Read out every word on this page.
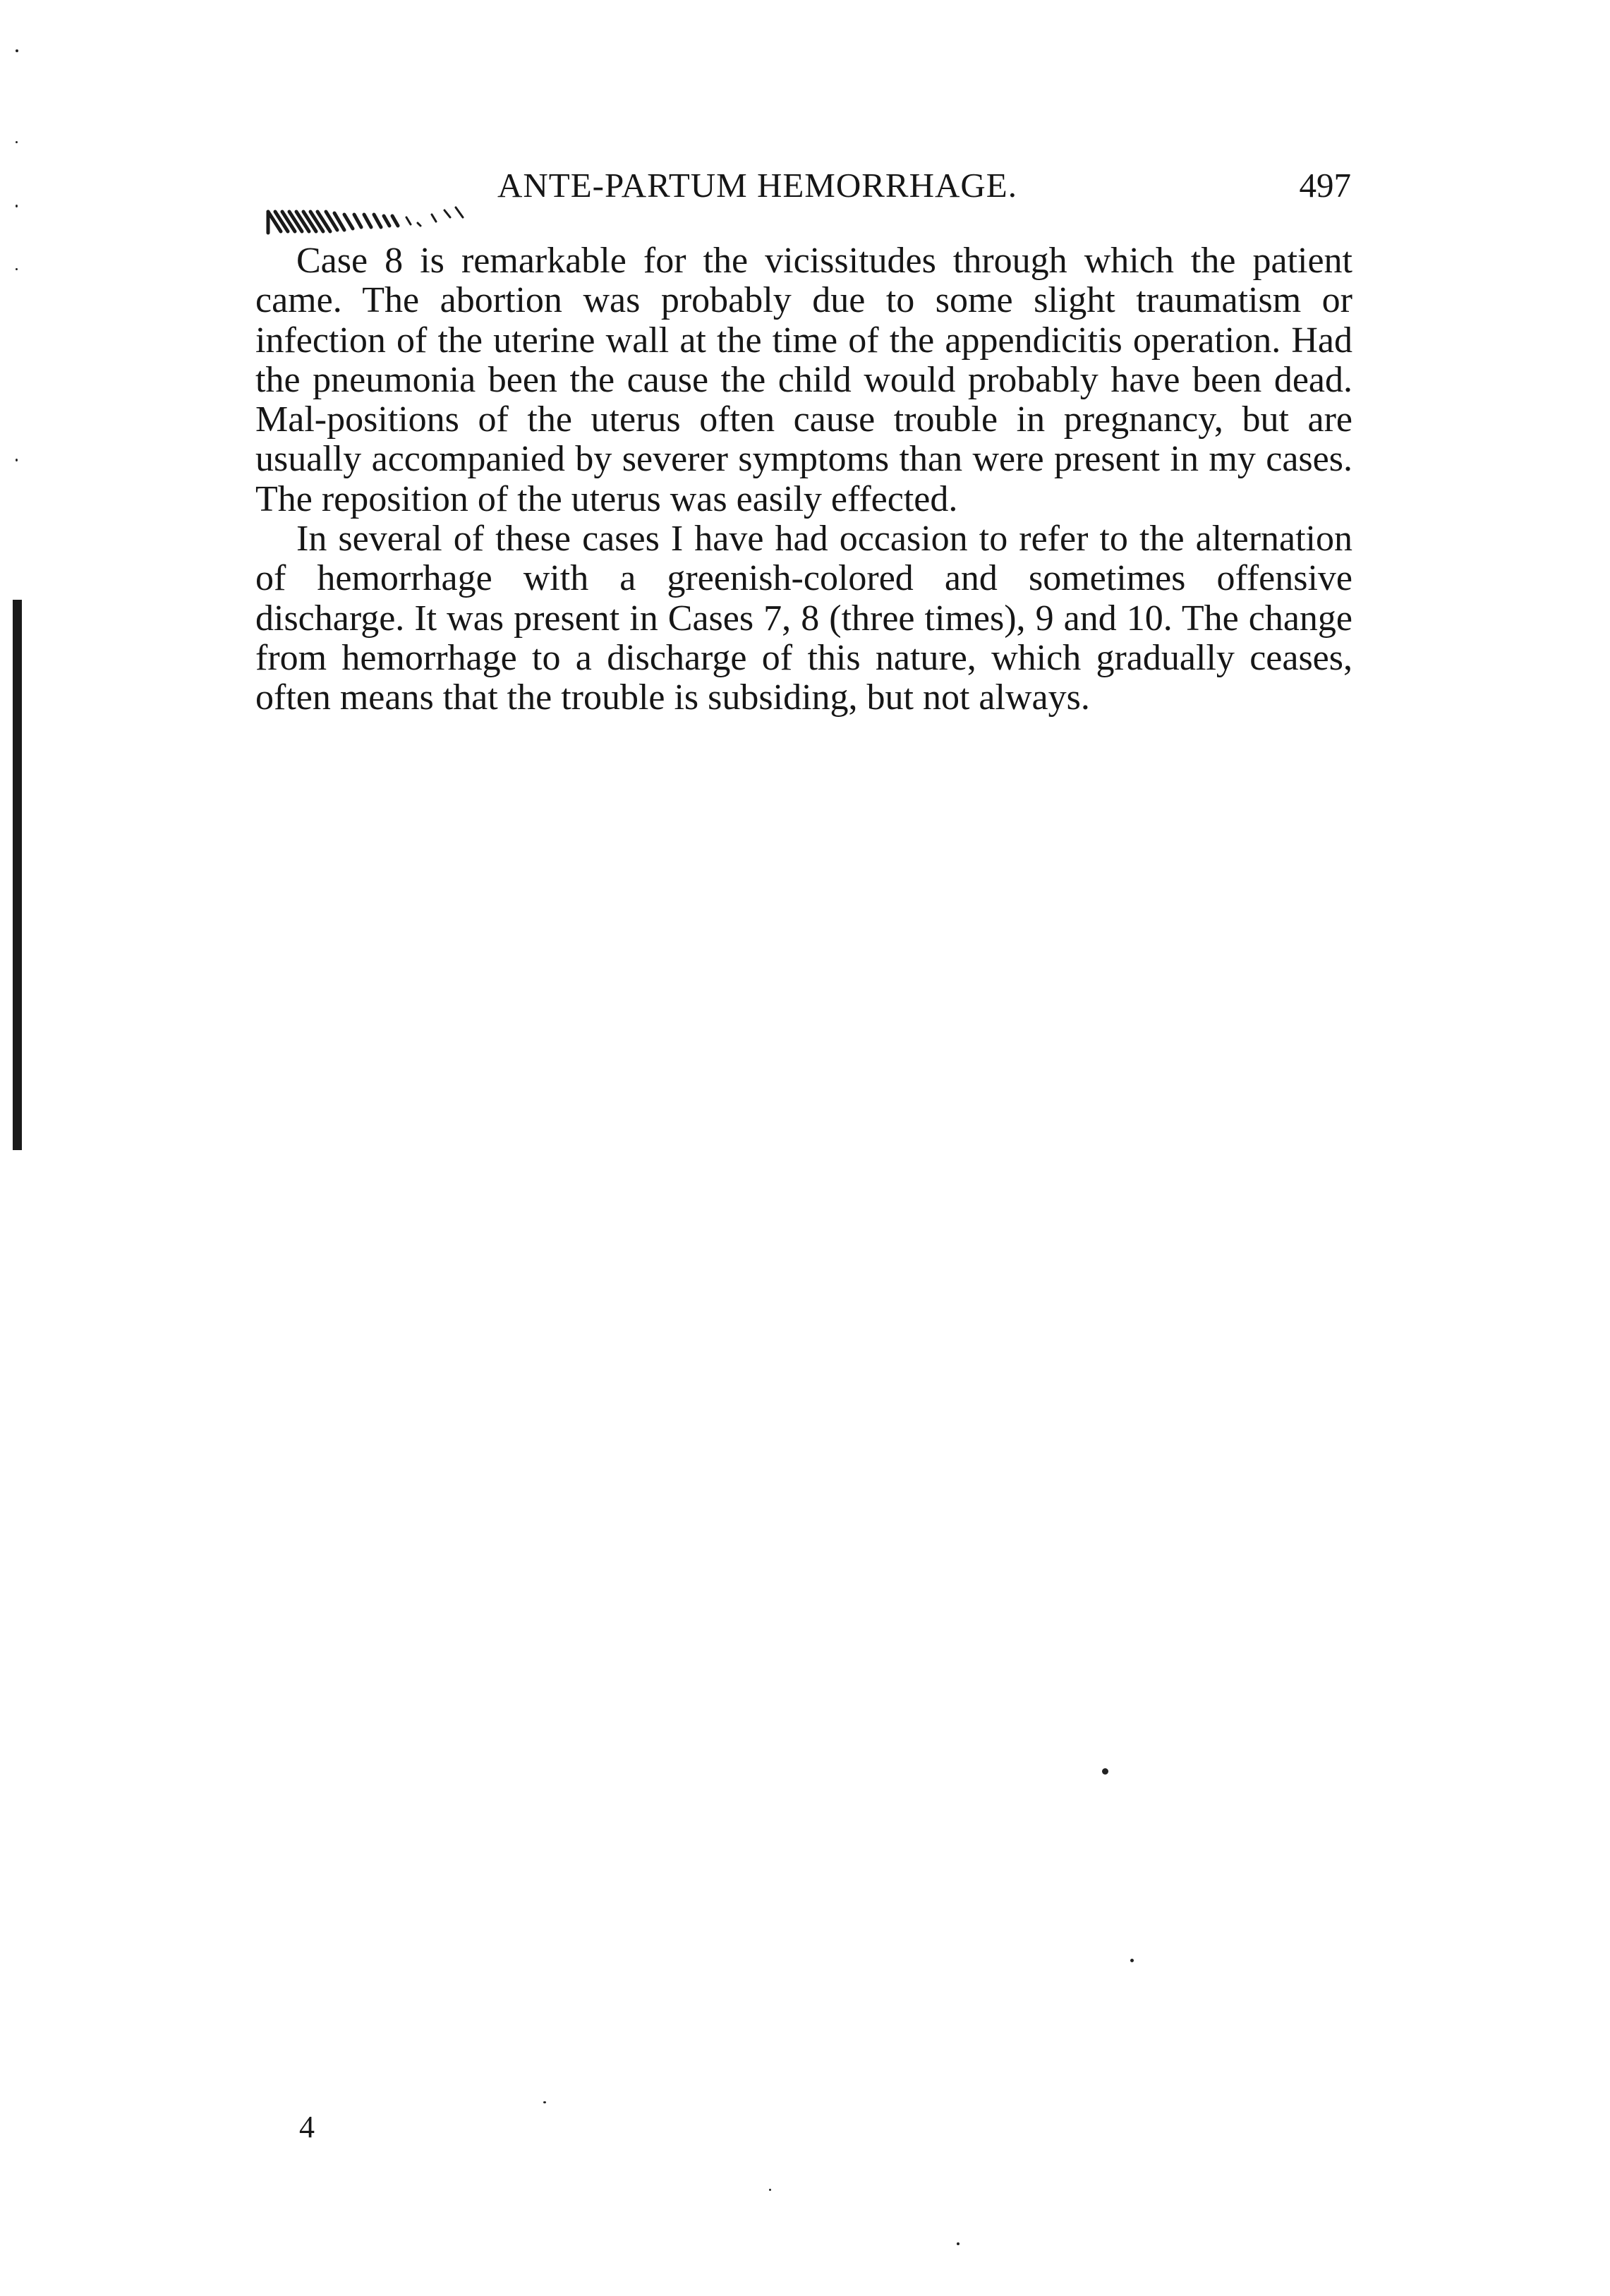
ANTE-PARTUM HEMORRHAGE.	497

Case 8 is remarkable for the vicissitudes through which the patient came. The abortion was probably due to some slight traumatism or infection of the uterine wall at the time of the appendicitis operation. Had the pneumonia been the cause the child would probably have been dead. Mal-positions of the uterus often cause trouble in pregnancy, but are usually accompanied by severer symptoms than were present in my cases. The reposition of the uterus was easily effected.

In several of these cases I have had occasion to refer to the alternation of hemorrhage with a greenish-colored and sometimes offensive discharge. It was present in Cases 7, 8 (three times), 9 and 10. The change from hemorrhage to a discharge of this nature, which gradually ceases, often means that the trouble is subsiding, but not always.

4
